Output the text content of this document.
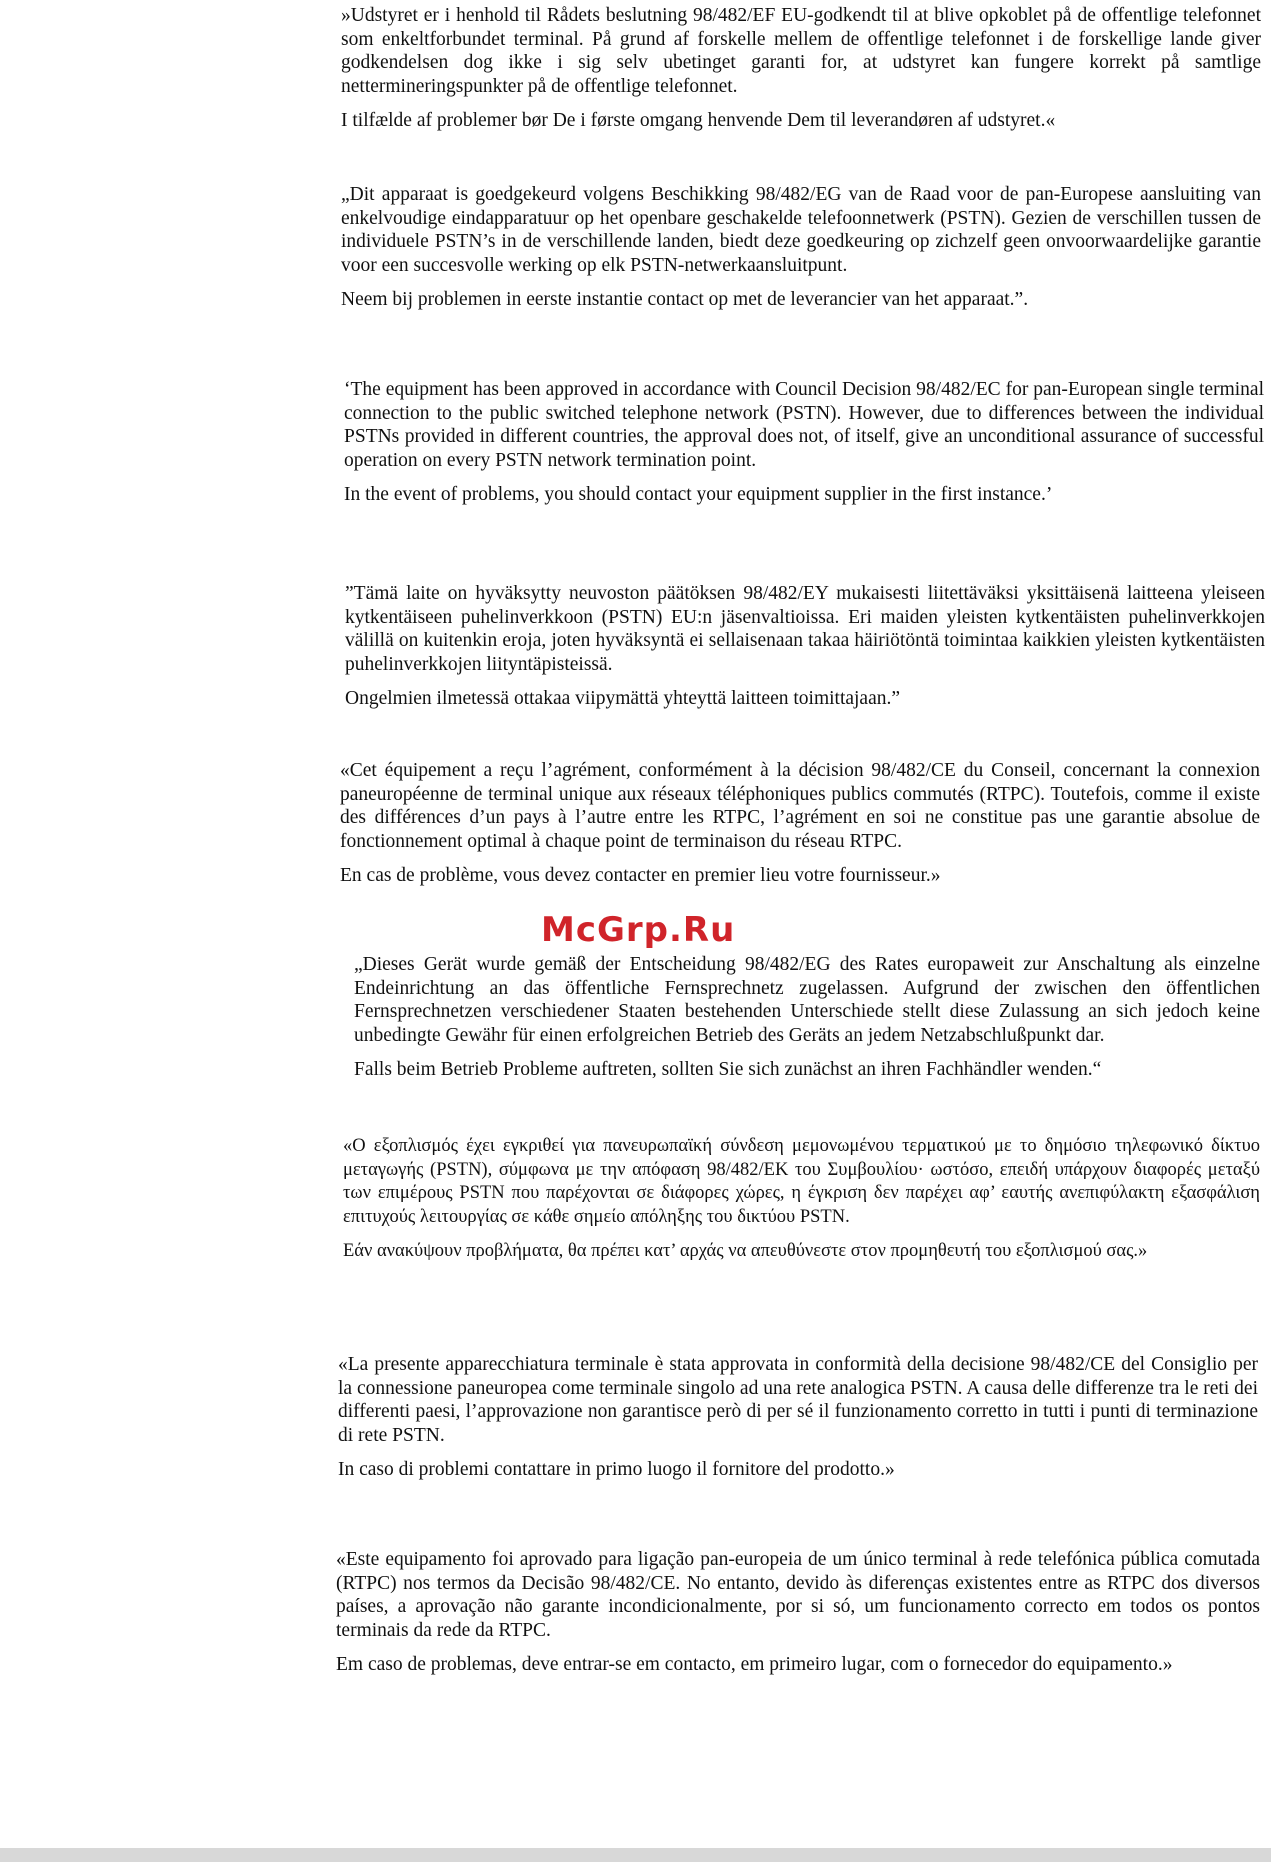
»Udstyret er i henhold til Rådets beslutning 98/482/EF EU-godkendt til at blive opkoblet på de offentlige telefonnet som enkeltforbundet terminal. På grund af forskelle mellem de offentlige telefonnet i de forskellige lande giver godkendelsen dog ikke i sig selv ubetinget garanti for, at udstyret kan fungere korrekt på samtlige nettermineringspunkter på de offentlige telefonnet.

I tilfælde af problemer bør De i første omgang henvende Dem til leverandøren af udstyret.«

„Dit apparaat is goedgekeurd volgens Beschikking 98/482/EG van de Raad voor de pan-Europese aansluiting van enkelvoudige eindapparatuur op het openbare geschakelde telefoonnetwerk (PSTN). Gezien de verschillen tussen de individuele PSTN’s in de verschillende landen, biedt deze goedkeuring op zichzelf geen onvoorwaardelijke garantie voor een succesvolle werking op elk PSTN-netwerkaansluitpunt.

Neem bij problemen in eerste instantie contact op met de leverancier van het apparaat.”.

‘The equipment has been approved in accordance with Council Decision 98/482/EC for pan-European single terminal connection to the public switched telephone network (PSTN). However, due to differences between the individual PSTNs provided in different countries, the approval does not, of itself, give an unconditional assurance of successful operation on every PSTN network termination point.

In the event of problems, you should contact your equipment supplier in the first instance.’

”Tämä laite on hyväksytty neuvoston päätöksen 98/482/EY mukaisesti liitettäväksi yksittäisenä laitteena yleiseen kytkentäiseen puhelinverkkoon (PSTN) EU:n jäsenvaltioissa. Eri maiden yleisten kytkentäisten puhelinverkkojen välillä on kuitenkin eroja, joten hyväksyntä ei sellaisenaan takaa häiriötöntä toimintaa kaikkien yleisten kytkentäisten puhelinverkkojen liityntäpisteissä.

Ongelmien ilmetessä ottakaa viipymättä yhteyttä laitteen toimittajaan.”

«Cet équipement a reçu l’agrément, conformément à la décision 98/482/CE du Conseil, concernant la connexion paneuropéenne de terminal unique aux réseaux téléphoniques publics commutés (RTPC). Toutefois, comme il existe des différences d’un pays à l’autre entre les RTPC, l’agrément en soi ne constitue pas une garantie absolue de fonctionnement optimal à chaque point de terminaison du réseau RTPC.

En cas de problème, vous devez contacter en premier lieu votre fournisseur.»

McGrp.Ru

„Dieses Gerät wurde gemäß der Entscheidung 98/482/EG des Rates europaweit zur Anschaltung als einzelne Endeinrichtung an das öffentliche Fernsprechnetz zugelassen. Aufgrund der zwischen den öffentlichen Fernsprechnetzen verschiedener Staaten bestehenden Unterschiede stellt diese Zulassung an sich jedoch keine unbedingte Gewähr für einen erfolgreichen Betrieb des Geräts an jedem Netzabschlußpunkt dar.

Falls beim Betrieb Probleme auftreten, sollten Sie sich zunächst an ihren Fachhändler wenden.“

«Ο εξοπλισμός έχει εγκριθεί για πανευρωπαϊκή σύνδεση μεμονωμένου τερματικού με το δημόσιο τηλεφωνικό δίκτυο μεταγωγής (PSTN), σύμφωνα με την απόφαση 98/482/ΕΚ του Συμβουλίου· ωστόσο, επειδή υπάρχουν διαφορές μεταξύ των επιμέρους PSTN που παρέχονται σε διάφορες χώρες, η έγκριση δεν παρέχει αφ’ εαυτής ανεπιφύλακτη εξασφάλιση επιτυχούς λειτουργίας σε κάθε σημείο απόληξης του δικτύου PSTN.

Εάν ανακύψουν προβλήματα, θα πρέπει κατ’ αρχάς να απευθύνεστε στον προμηθευτή του εξοπλισμού σας.»

«La presente apparecchiatura terminale è stata approvata in conformità della decisione 98/482/CE del Consiglio per la connessione paneuropea come terminale singolo ad una rete analogica PSTN. A causa delle differenze tra le reti dei differenti paesi, l’approvazione non garantisce però di per sé il funzionamento corretto in tutti i punti di terminazione di rete PSTN.

In caso di problemi contattare in primo luogo il fornitore del prodotto.»

«Este equipamento foi aprovado para ligação pan-europeia de um único terminal à rede telefónica pública comutada (RTPC) nos termos da Decisão 98/482/CE. No entanto, devido às diferenças existentes entre as RTPC dos diversos países, a aprovação não garante incondicionalmente, por si só, um funcionamento correcto em todos os pontos terminais da rede da RTPC.

Em caso de problemas, deve entrar-se em contacto, em primeiro lugar, com o fornecedor do equipamento.»
